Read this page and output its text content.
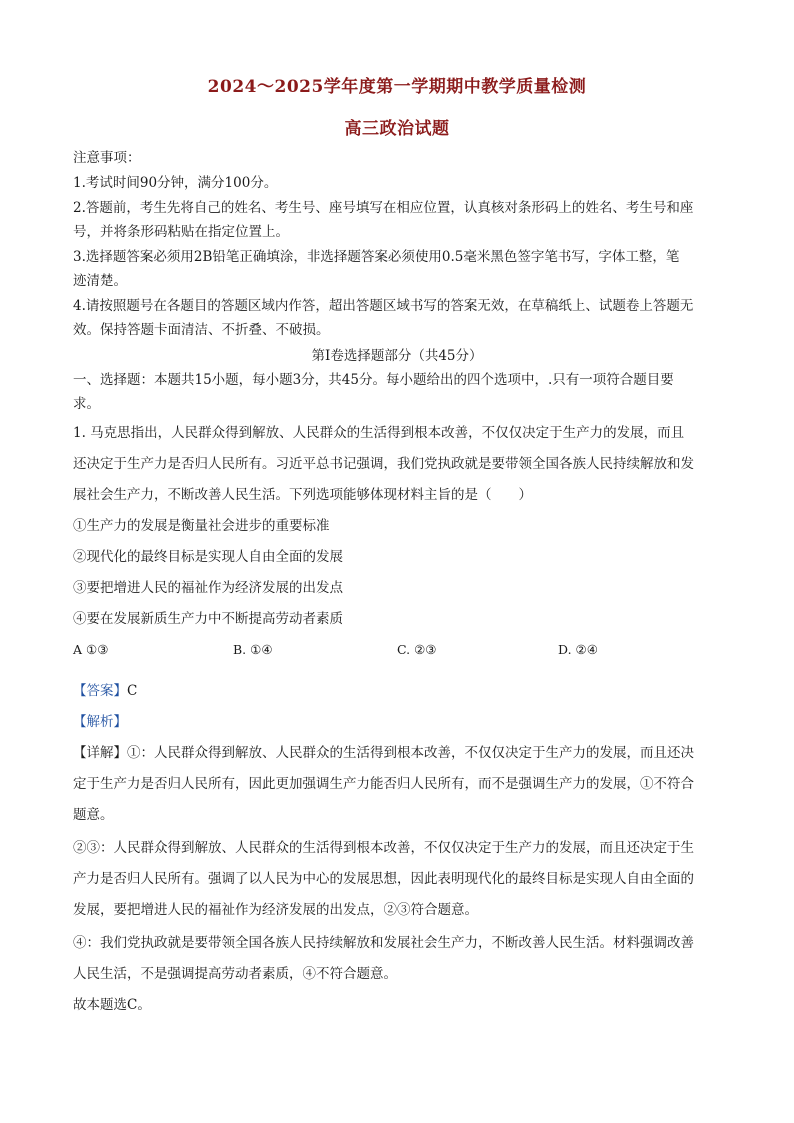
2024～2025学年度第一学期期中教学质量检测
高三政治试题
注意事项：
1.考试时间90分钟，满分100分。
2.答题前，考生先将自己的姓名、考生号、座号填写在相应位置，认真核对条形码上的姓名、考生号和座
号，并将条形码粘贴在指定位置上。
3.选择题答案必须用2B铅笔正确填涂，非选择题答案必须使用0.5毫米黑色签字笔书写，字体工整，笔
迹清楚。
4.请按照题号在各题目的答题区域内作答，超出答题区域书写的答案无效，在草稿纸上、试题卷上答题无
效。保持答题卡面清洁、不折叠、不破损。
第Ⅰ卷选择题部分（共45分）
一、选择题：本题共15小题，每小题3分，共45分。每小题给出的四个选项中，.只有一项符合题目要
求。
1. 马克思指出，人民群众得到解放、人民群众的生活得到根本改善，不仅仅决定于生产力的发展，而且
还决定于生产力是否归人民所有。习近平总书记强调，我们党执政就是要带领全国各族人民持续解放和发
展社会生产力，不断改善人民生活。下列选项能够体现材料主旨的是（　　）
①生产力的发展是衡量社会进步的重要标准
②现代化的最终目标是实现人自由全面的发展
③要把增进人民的福祉作为经济发展的出发点
④要在发展新质生产力中不断提高劳动者素质
A ①③	B. ①④	C. ②③	D. ②④
【答案】C
【解析】
【详解】①：人民群众得到解放、人民群众的生活得到根本改善，不仅仅决定于生产力的发展，而且还决
定于生产力是否归人民所有，因此更加强调生产力能否归人民所有，而不是强调生产力的发展，①不符合
题意。
②③：人民群众得到解放、人民群众的生活得到根本改善，不仅仅决定于生产力的发展，而且还决定于生
产力是否归人民所有。强调了以人民为中心的发展思想，因此表明现代化的最终目标是实现人自由全面的
发展，要把增进人民的福祉作为经济发展的出发点，②③符合题意。
④：我们党执政就是要带领全国各族人民持续解放和发展社会生产力，不断改善人民生活。材料强调改善
人民生活，不是强调提高劳动者素质，④不符合题意。
故本题选C。
